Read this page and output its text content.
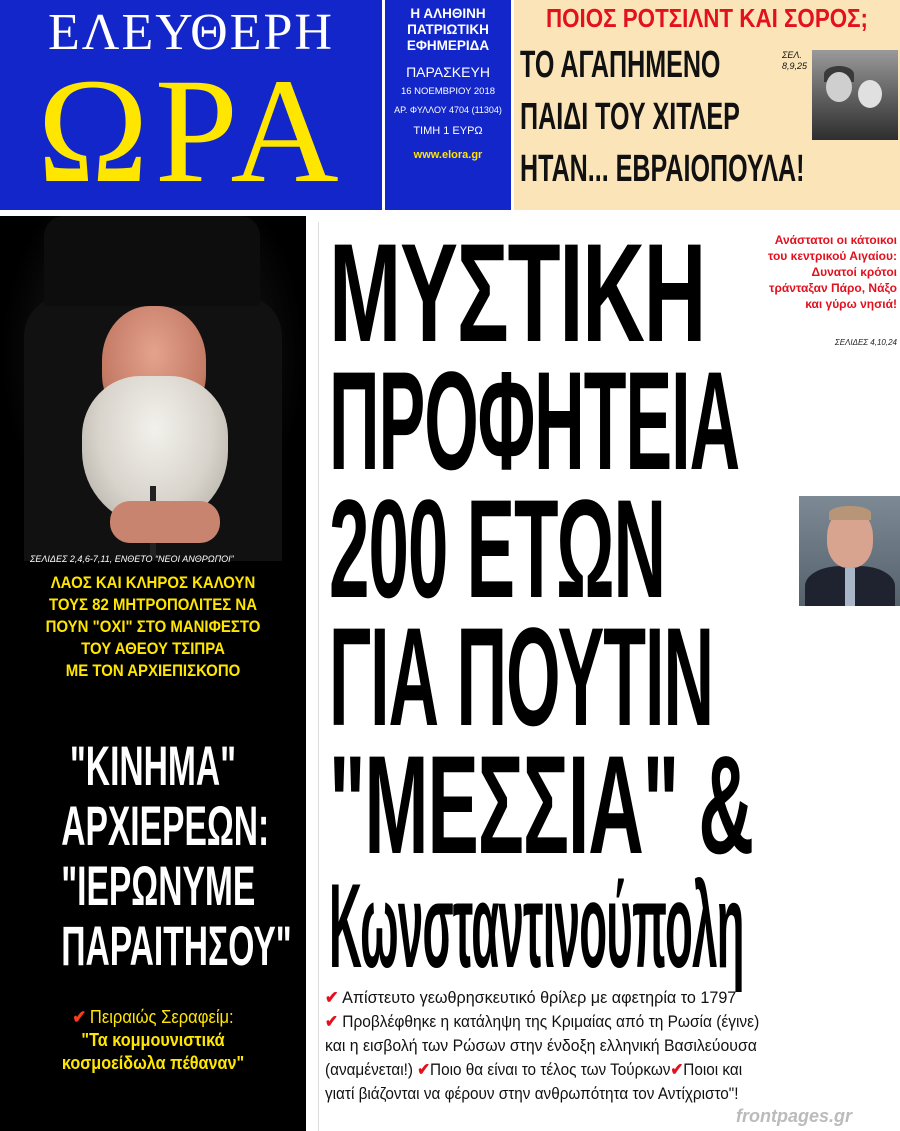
ΕΛΕΥΘΕΡΗ
ΩΡΑ
Η ΑΛΗΘΙΝΗ
ΠΑΤΡΙΩΤΙΚΗ
ΕΦΗΜΕΡΙΔΑ
ΠΑΡΑΣΚΕΥΗ
16 ΝΟΕΜΒΡΙΟΥ 2018
ΑΡ. ΦΥΛΛΟΥ 4704 (11304)
ΤΙΜΗ 1 ΕΥΡΩ
www.elora.gr
ΠΟΙΟΣ ΡΟΤΣΙΛΝΤ ΚΑΙ ΣΟΡΟΣ;
ΤΟ ΑΓΑΠΗΜΕΝΟ
ΠΑΙΔΙ ΤΟΥ ΧΙΤΛΕΡ
ΗΤΑΝ... ΕΒΡΑΙΟΠΟΥΛΑ!
ΣΕΛ. 8,9,25
ΣΕΛΙΔΕΣ 2,4,6-7,11, ΕΝΘΕΤΟ “ΝΕΟΙ ΑΝΘΡΩΠΟΙ”
ΛΑΟΣ ΚΑΙ ΚΛΗΡΟΣ ΚΑΛΟΥΝ
ΤΟΥΣ 82 ΜΗΤΡΟΠΟΛΙΤΕΣ ΝΑ
ΠΟΥΝ "ΟΧΙ" ΣΤΟ ΜΑΝΙΦΕΣΤΟ
ΤΟΥ ΑΘΕΟΥ ΤΣΙΠΡΑ
ΜΕ ΤΟΝ ΑΡΧΙΕΠΙΣΚΟΠΟ
"ΚΙΝΗΜΑ"
ΑΡΧΙΕΡΕΩΝ:
"ΙΕΡΩΝΥΜΕ
ΠΑΡΑΙΤΗΣΟΥ"
✔ Πειραιώς Σεραφείμ:
"Τα κομμουνιστικά
κοσμοείδωλα πέθαναν"
ΜΥΣΤΙΚΗ
ΠΡΟΦΗΤΕΙΑ
200 ΕΤΩΝ
ΓΙΑ ΠΟΥΤΙΝ
"ΜΕΣΣΙΑ" &
Κωνσταντινούπολη
Ανάστατοι οι κάτοικοι
του κεντρικού Αιγαίου:
Δυνατοί κρότοι
τράνταξαν Πάρο, Νάξο
και γύρω νησιά!
ΣΕΛΙΔΕΣ 4,10,24
✔ Απίστευτο γεωθρησκευτικό θρίλερ με αφετηρία το 1797
✔ Προβλέφθηκε η κατάληψη της Κριμαίας από τη Ρωσία (έγινε)
και η εισβολή των Ρώσων στην ένδοξη ελληνική Βασιλεύουσα
(αναμένεται!) ✔Ποιο θα είναι το τέλος των Τούρκων✔Ποιοι και
γιατί βιάζονται να φέρουν στην ανθρωπότητα τον Αντίχριστο"!
frontpages.gr
